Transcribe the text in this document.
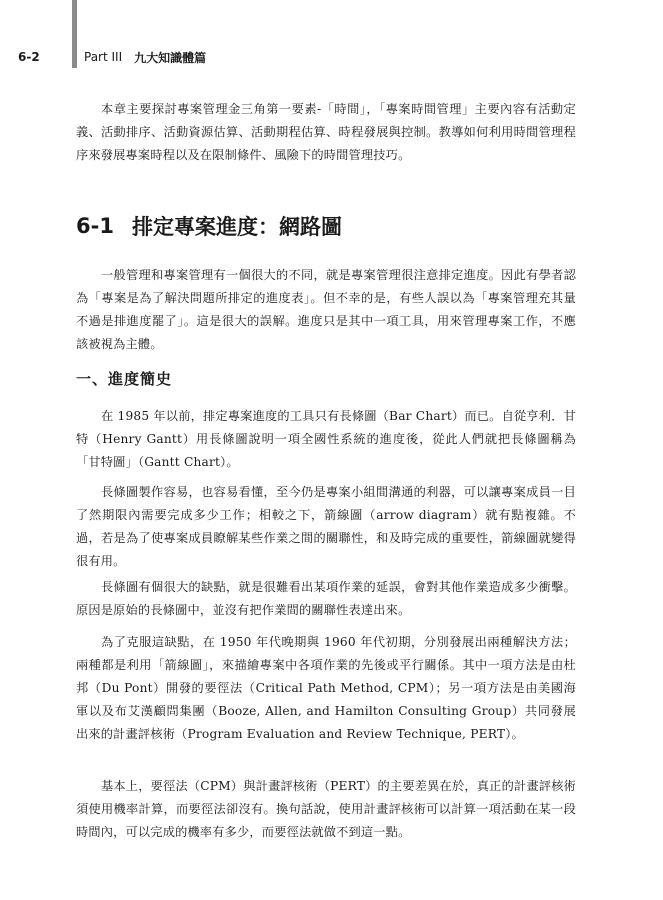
6-2	Part III 九大知識體篇

本章主要探討專案管理金三角第一要素-「時間」，「專案時間管理」主要內容有活動定義、活動排序、活動資源估算、活動期程估算、時程發展與控制。教導如何利用時間管理程序來發展專案時程以及在限制條件、風險下的時間管理技巧。

6-1 排定專案進度：網路圖

一般管理和專案管理有一個很大的不同，就是專案管理很注意排定進度。因此有學者認為「專案是為了解決問題所排定的進度表」。但不幸的是，有些人誤以為「專案管理充其量不過是排進度罷了」。這是很大的誤解。進度只是其中一項工具，用來管理專案工作，不應該被視為主體。

一、進度簡史

在 1985 年以前，排定專案進度的工具只有長條圖（Bar Chart）而已。自從亨利．甘特（Henry Gantt）用長條圖說明一項全國性系統的進度後，從此人們就把長條圖稱為「甘特圖」（Gantt Chart）。

長條圖製作容易，也容易看懂，至今仍是專案小組間溝通的利器，可以讓專案成員一目了然期限內需要完成多少工作；相較之下，箭線圖（arrow diagram）就有點複雜。不過，若是為了使專案成員瞭解某些作業之間的關聯性，和及時完成的重要性，箭線圖就變得很有用。

長條圖有個很大的缺點，就是很難看出某項作業的延誤，會對其他作業造成多少衝擊。原因是原始的長條圖中，並沒有把作業間的關聯性表達出來。

為了克服這缺點，在 1950 年代晚期與 1960 年代初期，分別發展出兩種解決方法；兩種都是利用「箭線圖」，來描繪專案中各項作業的先後或平行關係。其中一項方法是由杜邦（Du Pont）開發的要徑法（Critical Path Method, CPM）；另一項方法是由美國海軍以及布艾漢顧問集團（Booze, Allen, and Hamilton Consulting Group）共同發展出來的計畫評核術（Program Evaluation and Review Technique, PERT）。

基本上，要徑法（CPM）與計畫評核術（PERT）的主要差異在於，真正的計畫評核術須使用機率計算，而要徑法卻沒有。換句話說，使用計畫評核術可以計算一項活動在某一段時間內，可以完成的機率有多少，而要徑法就做不到這一點。
